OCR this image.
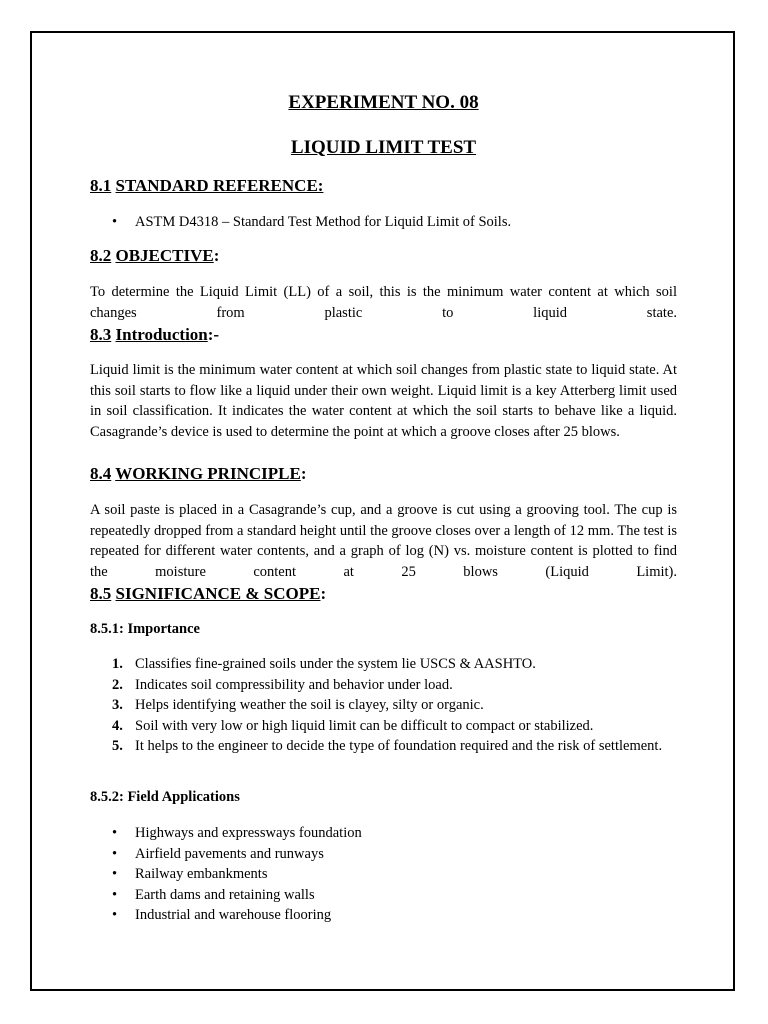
EXPERIMENT NO. 08
LIQUID LIMIT TEST
8.1 STANDARD REFERENCE:
• ASTM D4318 – Standard Test Method for Liquid Limit of Soils.
8.2 OBJECTIVE:

To determine the Liquid Limit (LL) of a soil, this is the minimum water content at which soil changes from plastic to liquid state.

8.3 Introduction:-

Liquid limit is the minimum water content at which soil changes from plastic state to liquid state. At this soil starts to flow like a liquid under their own weight. Liquid limit is a key Atterberg limit used in soil classification. It indicates the water content at which the soil starts to behave like a liquid. Casagrande’s device is used to determine the point at which a groove closes after 25 blows.

8.4 WORKING PRINCIPLE:

A soil paste is placed in a Casagrande’s cup, and a groove is cut using a grooving tool. The cup is repeatedly dropped from a standard height until the groove closes over a length of 12 mm. The test is repeated for different water contents, and a graph of log (N) vs. moisture content is plotted to find the moisture content at 25 blows (Liquid Limit).

8.5 SIGNIFICANCE & SCOPE:
8.5.1: Importance
1. Classifies fine-grained soils under the system lie USCS & AASHTO.
2. Indicates soil compressibility and behavior under load.
3. Helps identifying weather the soil is clayey, silty or organic.
4. Soil with very low or high liquid limit can be difficult to compact or stabilized.
5. It helps to the engineer to decide the type of foundation required and the risk of settlement.
8.5.2: Field Applications
• Highways and expressways foundation
• Airfield pavements and runways
• Railway embankments
• Earth dams and retaining walls
• Industrial and warehouse flooring
